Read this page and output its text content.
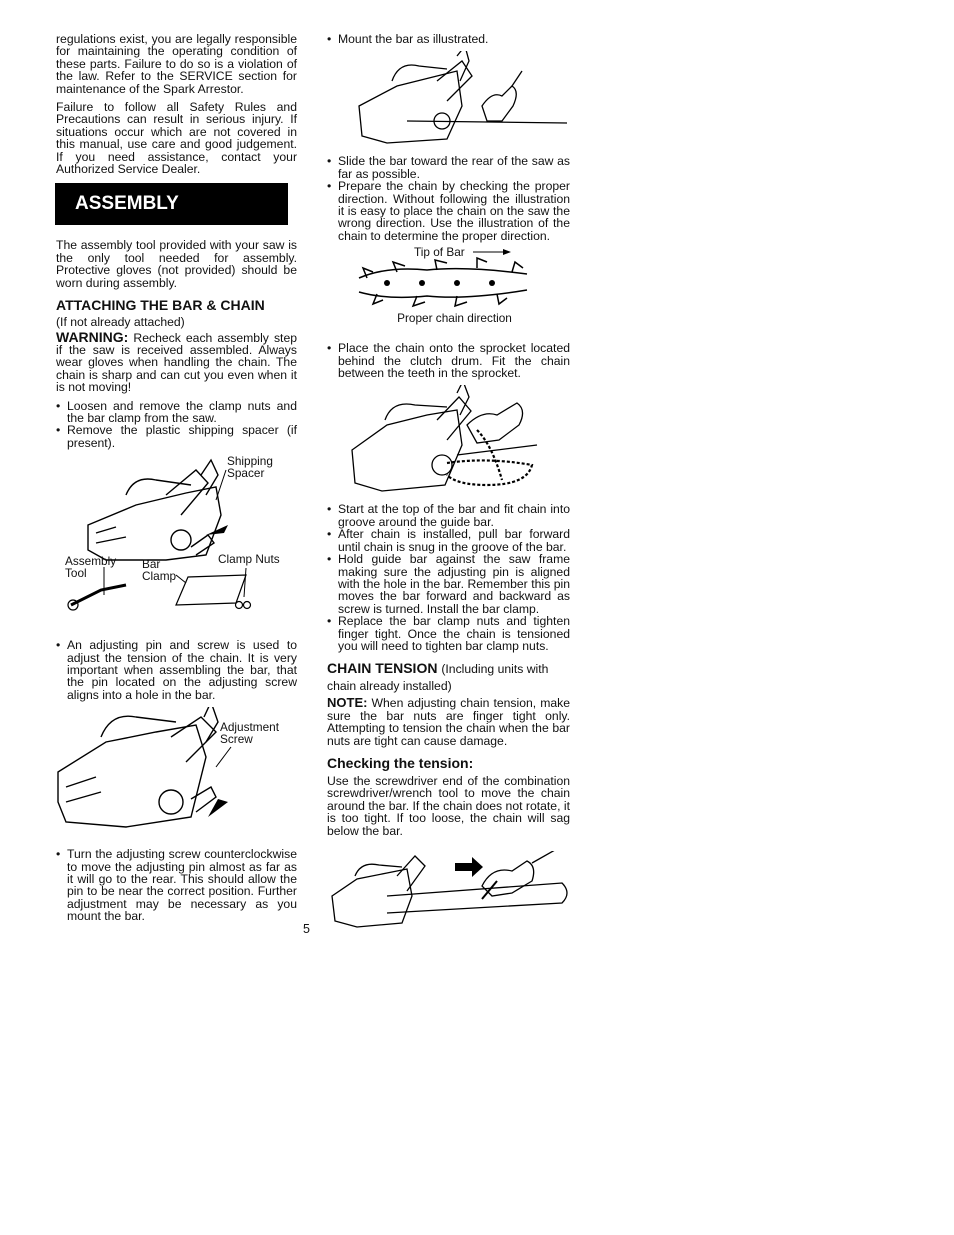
regulations exist, you are legally responsible for maintaining the operating condition of these parts. Failure to do so is a violation of the law. Refer to the SERVICE section for maintenance of the Spark Arrestor.

Failure to follow all Safety Rules and Precautions can result in serious injury. If situations occur which are not covered in this manual, use care and good judgement. If you need assistance, contact your Authorized Service Dealer.

ASSEMBLY

The assembly tool provided with your saw is the only tool needed for assembly. Protective gloves (not provided) should be worn during assembly.

ATTACHING THE BAR & CHAIN
(If not already attached)

WARNING: Recheck each assembly step if the saw is received assembled. Always wear gloves when handling the chain. The chain is sharp and can cut you even when it is not moving!

• Loosen and remove the clamp nuts and the bar clamp from the saw.
• Remove the plastic shipping spacer (if present).
Shipping Spacer
Clamp Nuts
Assembly Tool
Bar Clamp
• An adjusting pin and screw is used to adjust the tension of the chain. It is very important when assembling the bar, that the pin located on the adjusting screw aligns into a hole in the bar.
Adjustment Screw
• Turn the adjusting screw counterclockwise to move the adjusting pin almost as far as it will go to the rear. This should allow the pin to be near the correct position. Further adjustment may be necessary as you mount the bar.
• Mount the bar as illustrated.
• Slide the bar toward the rear of the saw as far as possible.
• Prepare the chain by checking the proper direction. Without following the illustration it is easy to place the chain on the saw the wrong direction. Use the illustration of the chain to determine the proper direction.
Tip of Bar
Proper chain direction
• Place the chain onto the sprocket located behind the clutch drum. Fit the chain between the teeth in the sprocket.
• Start at the top of the bar and fit chain into groove around the guide bar.
• After chain is installed, pull bar forward until chain is snug in the groove of the bar.
• Hold guide bar against the saw frame making sure the adjusting pin is aligned with the hole in the bar. Remember this pin moves the bar forward and backward as screw is turned. Install the bar clamp.
• Replace the bar clamp nuts and tighten finger tight. Once the chain is tensioned you will need to tighten bar clamp nuts.
CHAIN TENSION (Including units with chain already installed)

NOTE: When adjusting chain tension, make sure the bar nuts are finger tight only. Attempting to tension the chain when the bar nuts are tight can cause damage.

Checking the tension:

Use the screwdriver end of the combination screwdriver/wrench tool to move the chain around the bar. If the chain does not rotate, it is too tight. If too loose, the chain will sag below the bar.

5
